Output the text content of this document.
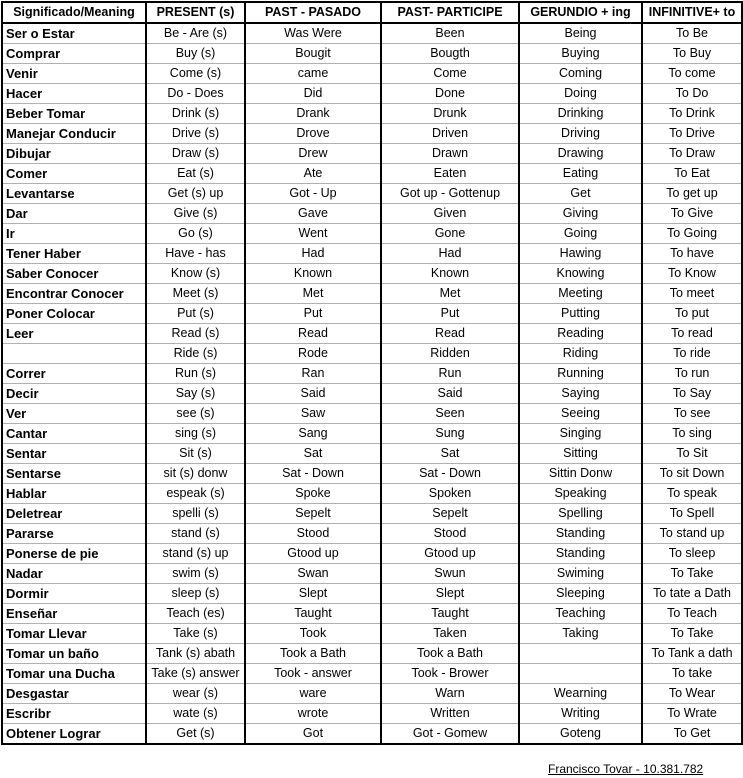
Significado/Meaning	PRESENT (s)	PAST - PASADO	PAST- PARTICIPE	GERUNDIO + ing	INFINITIVE+ to
Ser o Estar	Be - Are (s)	Was Were	Been	Being	To Be
Comprar	Buy (s)	Bougit	Bougth	Buying	To Buy
Venir	Come (s)	came	Come	Coming	To come
Hacer	Do - Does	Did	Done	Doing	To Do
Beber Tomar	Drink (s)	Drank	Drunk	Drinking	To Drink
Manejar Conducir	Drive (s)	Drove	Driven	Driving	To Drive
Dibujar	Draw (s)	Drew	Drawn	Drawing	To Draw
Comer	Eat (s)	Ate	Eaten	Eating	To Eat
Levantarse	Get (s) up	Got - Up	Got up - Gottenup	Get	To get up
Dar	Give (s)	Gave	Given	Giving	To Give
Ir	Go (s)	Went	Gone	Going	To Going
Tener Haber	Have - has	Had	Had	Hawing	To have
Saber Conocer	Know (s)	Known	Known	Knowing	To Know
Encontrar Conocer	Meet (s)	Met	Met	Meeting	To meet
Poner Colocar	Put (s)	Put	Put	Putting	To put
Leer	Read (s)	Read	Read	Reading	To read
	Ride (s)	Rode	Ridden	Riding	To ride
Correr	Run (s)	Ran	Run	Running	To run
Decir	Say (s)	Said	Said	Saying	To Say
Ver	see (s)	Saw	Seen	Seeing	To see
Cantar	sing (s)	Sang	Sung	Singing	To sing
Sentar	Sit (s)	Sat	Sat	Sitting	To Sit
Sentarse	sit (s) donw	Sat - Down	Sat - Down	Sittin Donw	To sit Down
Hablar	espeak (s)	Spoke	Spoken	Speaking	To speak
Deletrear	spelli (s)	Sepelt	Sepelt	Spelling	To Spell
Pararse	stand (s)	Stood	Stood	Standing	To stand up
Ponerse de pie	stand (s) up	Gtood up	Gtood up	Standing	To sleep
Nadar	swim (s)	Swan	Swun	Swiming	To Take
Dormir	sleep (s)	Slept	Slept	Sleeping	To tate a Dath
Enseñar	Teach (es)	Taught	Taught	Teaching	To Teach
Tomar Llevar	Take (s)	Took	Taken	Taking	To Take
Tomar un baño	Tank (s) abath	Took a Bath	Took a Bath		To Tank a dath
Tomar una Ducha	Take (s) answer	Took - answer	Took - Brower		To take
Desgastar	wear (s)	ware	Warn	Wearning	To Wear
Escribr	wate (s)	wrote	Written	Writing	To Wrate
Obtener Lograr	Get (s)	Got	Got - Gomew	Goteng	To Get
Francisco Tovar - 10.381.782
